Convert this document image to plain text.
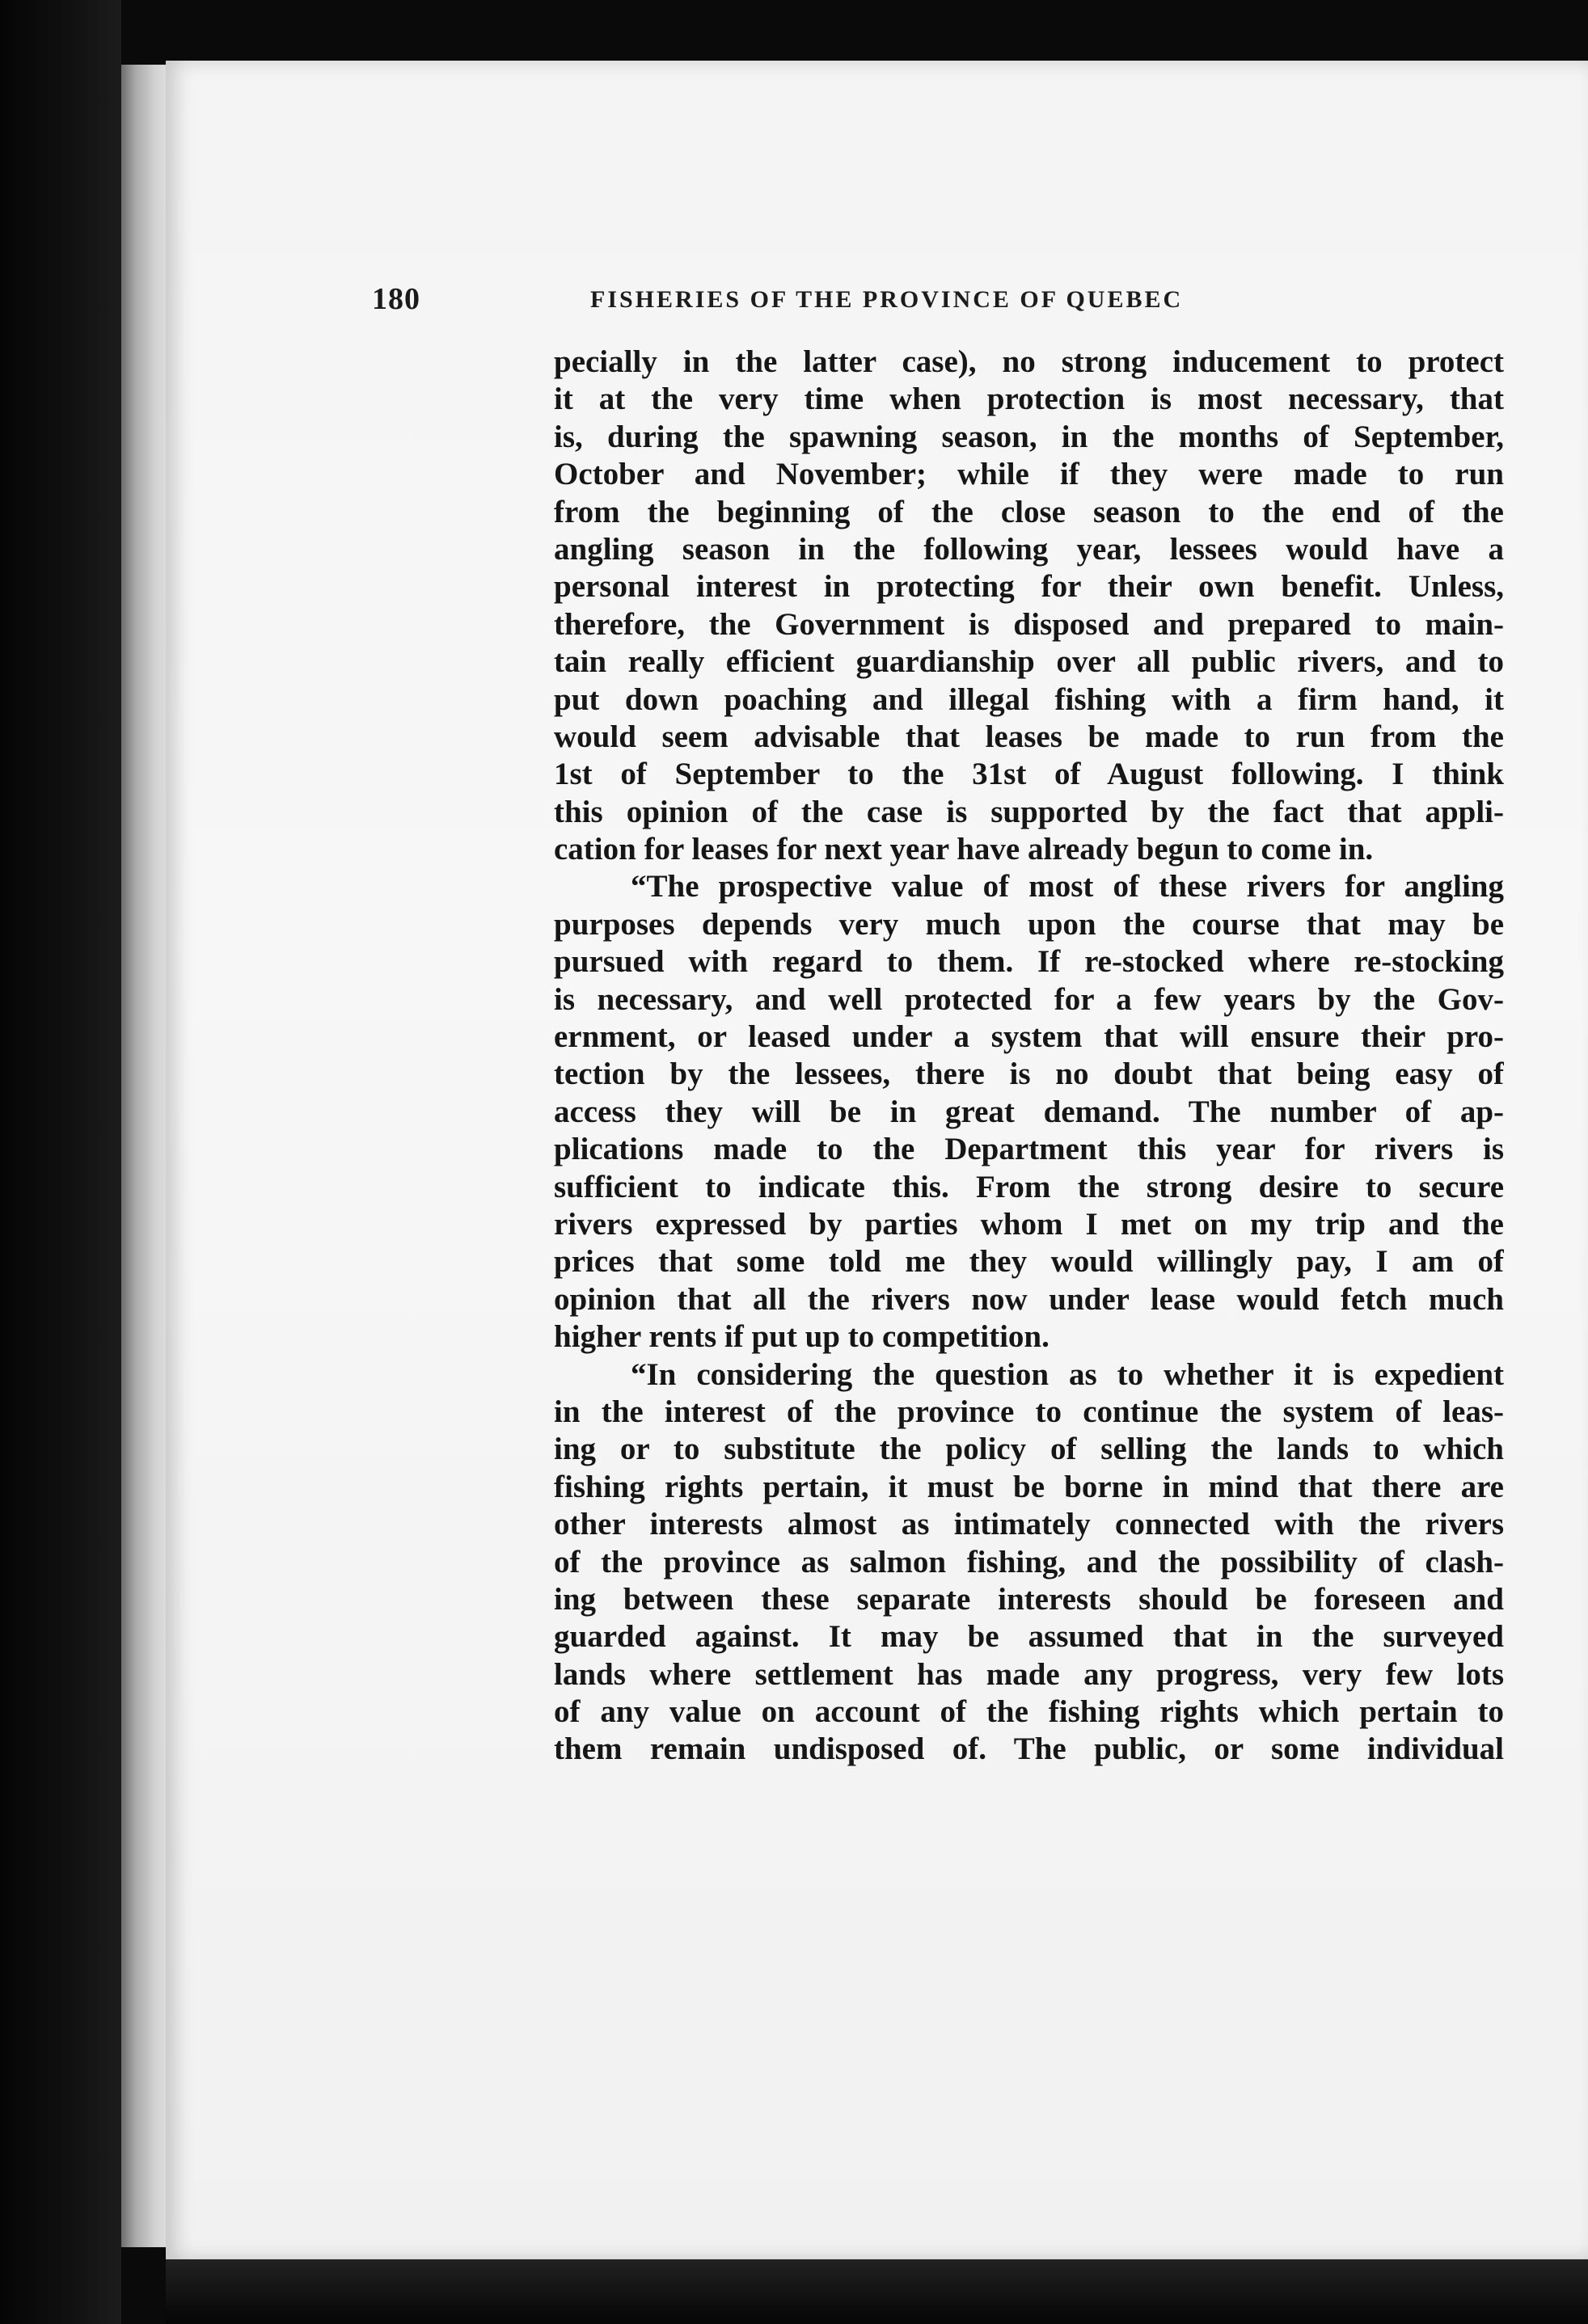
180	FISHERIES OF THE PROVINCE OF QUEBEC
pecially in the latter case), no strong inducement to protect
it at the very time when protection is most necessary, that
is, during the spawning season, in the months of September,
October and November; while if they were made to run
from the beginning of the close season to the end of the
angling season in the following year, lessees would have a
personal interest in protecting for their own benefit. Unless,
therefore, the Government is disposed and prepared to main-
tain really efficient guardianship over all public rivers, and to
put down poaching and illegal fishing with a firm hand, it
would seem advisable that leases be made to run from the
1st of September to the 31st of August following. I think
this opinion of the case is supported by the fact that appli-
cation for leases for next year have already begun to come in.
“The prospective value of most of these rivers for angling
purposes depends very much upon the course that may be
pursued with regard to them. If re-stocked where re-stocking
is necessary, and well protected for a few years by the Gov-
ernment, or leased under a system that will ensure their pro-
tection by the lessees, there is no doubt that being easy of
access they will be in great demand. The number of ap-
plications made to the Department this year for rivers is
sufficient to indicate this. From the strong desire to secure
rivers expressed by parties whom I met on my trip and the
prices that some told me they would willingly pay, I am of
opinion that all the rivers now under lease would fetch much
higher rents if put up to competition.
“In considering the question as to whether it is expedient
in the interest of the province to continue the system of leas-
ing or to substitute the policy of selling the lands to which
fishing rights pertain, it must be borne in mind that there are
other interests almost as intimately connected with the rivers
of the province as salmon fishing, and the possibility of clash-
ing between these separate interests should be foreseen and
guarded against. It may be assumed that in the surveyed
lands where settlement has made any progress, very few lots
of any value on account of the fishing rights which pertain to
them remain undisposed of. The public, or some individual
